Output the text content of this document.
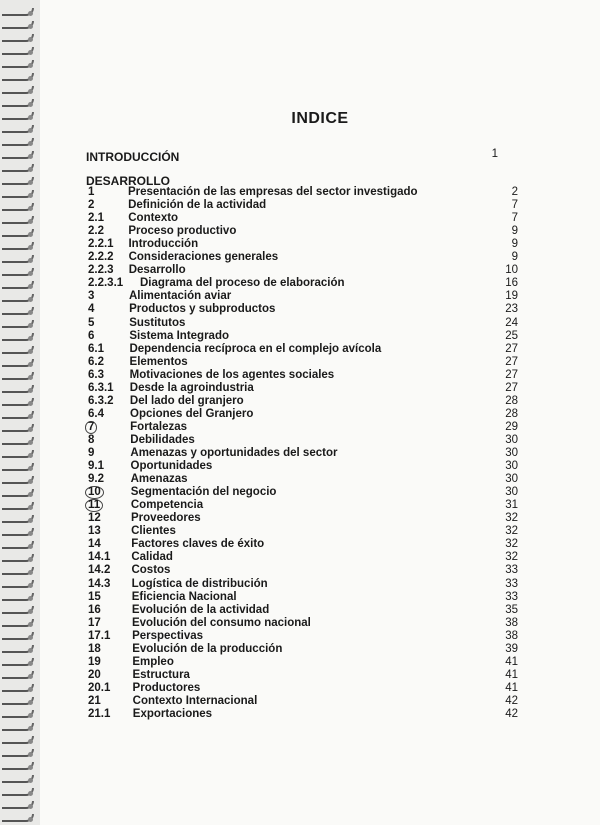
INDICE
INTRODUCCIÓN	1
DESARROLLO
1	Presentación de las empresas del sector investigado	2
2	Definición de la actividad	7
2.1 Contexto	7
2.2 Proceso productivo	9
2.2.1 Introducción	9
2.2.2 Consideraciones generales	9
2.2.3 Desarrollo	10
2.2.3.1 Diagrama del proceso de elaboración	16
3	Alimentación aviar	19
4	Productos y subproductos	23
5	Sustitutos	24
6	Sistema Integrado	25
6.1 Dependencia recíproca en el complejo avícola	27
6.2 Elementos	27
6.3 Motivaciones de los agentes sociales	27
6.3.1 Desde la agroindustria	27
6.3.2 Del lado del granjero	28
6.4 Opciones del Granjero	28
7	Fortalezas	29
8	Debilidades	30
9	Amenazas y oportunidades del sector	30
9.1 Oportunidades	30
9.2 Amenazas	30
10	Segmentación del negocio	30
11	Competencia	31
12	Proveedores	32
13	Clientes	32
14	Factores claves de éxito	32
14.1 Calidad	32
14.2 Costos	33
14.3 Logística de distribución	33
15	Eficiencia Nacional	33
16	Evolución de la actividad	35
17	Evolución del consumo nacional	38
17.1 Perspectivas	38
18	Evolución de la producción	39
19	Empleo	41
20	Estructura	41
20.1 Productores	41
21	Contexto Internacional	42
21.1 Exportaciones	42
